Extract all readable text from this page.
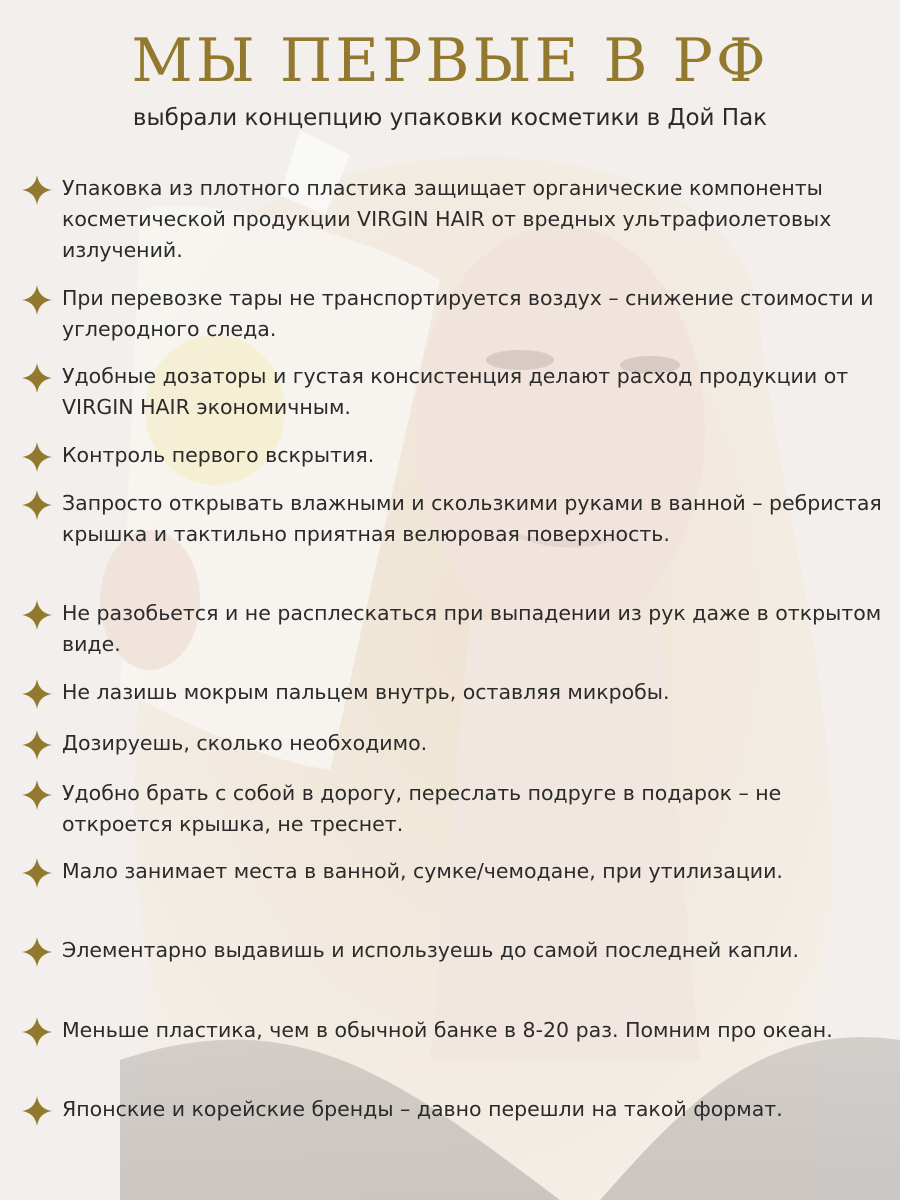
МЫ ПЕРВЫЕ В РФ

выбрали концепцию упаковки косметики в Дой Пак

Упаковка из плотного пластика защищает органические компоненты косметической продукции VIRGIN HAIR от вредных ультрафиолетовых излучений.
При перевозке тары не транспортируется воздух – снижение стоимости и углеродного следа.
Удобные дозаторы и густая консистенция делают расход продукции от VIRGIN HAIR экономичным.
Контроль первого вскрытия.
Запросто открывать влажными и скользкими руками в ванной – ребристая крышка и тактильно приятная велюровая поверхность.
Не разобьется и не расплескаться при выпадении из рук даже в открытом виде.
Не лазишь мокрым пальцем внутрь, оставляя микробы.
Дозируешь, сколько необходимо.
Удобно брать с собой в дорогу, переслать подруге в подарок – не откроется крышка, не треснет.
Мало занимает места в ванной, сумке/чемодане, при утилизации.
Элементарно выдавишь и используешь до самой последней капли.
Меньше пластика, чем в обычной банке в 8-20 раз. Помним про океан.
Японские и корейские бренды – давно перешли на такой формат.
